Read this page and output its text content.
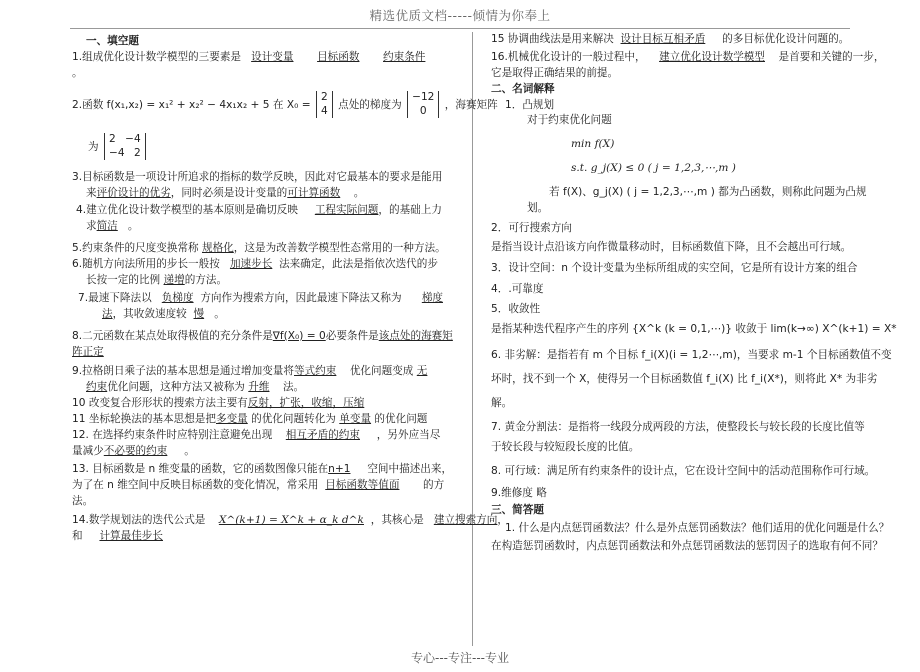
精选优质文档-----倾情为你奉上
一、填空题
1.组成优化设计数学模型的三要素是 设计变量 目标函数 约束条件
。
2.函数 f(x₁,x₂) = x₁² + x₂² − 4x₁x₂ + 5 在 X₀ =
2
4 点处的梯度为
−12
0	，海赛矩阵
为
2 −4
−4 2
3.目标函数是一项设计所追求的指标的数学反映，因此对它最基本的要求是能用
来评价设计的优劣，同时必须是设计变量的可计算函数 。
4.建立优化设计数学模型的基本原则是确切反映 工程实际问题，的基础上力
求简洁 。
5.约束条件的尺度变换常称 规格化，这是为改善数学模型性态常用的一种方法。
6.随机方向法所用的步长一般按 加速步长 法来确定，此法是指依次迭代的步
长按一定的比例 递增的方法。
7.最速下降法以 负梯度 方向作为搜索方向，因此最速下降法又称为 梯度
法，其收敛速度较 慢 。
8.二元函数在某点处取得极值的充分条件是∇f(X₀) = 0必要条件是该点处的海赛矩
阵正定
9.拉格朗日乘子法的基本思想是通过增加变量将等式约束 优化问题变成 无
约束优化问题，这种方法又被称为 升维 法。
10 改变复合形形状的搜索方法主要有反射，扩张，收缩，压缩
11 坐标轮换法的基本思想是把多变量 的优化问题转化为 单变量 的优化问题
12. 在选择约束条件时应特别注意避免出现 相互矛盾的约束 ，另外应当尽
量减少不必要的约束 。
13. 目标函数是 n 维变量的函数，它的函数图像只能在n+1 空间中描述出来，
为了在 n 维空间中反映目标函数的变化情况，常采用 目标函数等值面 的方
法。
14.数学规划法的迭代公式是 X^(k+1) = X^k + α_k d^k ，其核心是 建立搜索方向，
和 计算最佳步长
15 协调曲线法是用来解决 设计目标互相矛盾 的多目标优化设计问题的。
16.机械优化设计的一般过程中， 建立优化设计数学模型 是首要和关键的一步，
它是取得正确结果的前提。
二、名词解释
1．凸规划
对于约束优化问题
min f(X)
s.t. g_j(X) ≤ 0 ( j = 1,2,3,⋯,m )
若 f(X)、g_j(X) ( j = 1,2,3,⋯,m ) 都为凸函数，则称此问题为凸规
划。
2．可行搜索方向
是指当设计点沿该方向作微量移动时，目标函数值下降，且不会越出可行域。
3．设计空间：n 个设计变量为坐标所组成的实空间，它是所有设计方案的组合
4．.可靠度
5．收敛性
是指某种迭代程序产生的序列 {X^k (k = 0,1,⋯)} 收敛于 lim(k→∞) X^(k+1) = X*
6. 非劣解：是指若有 m 个目标 f_i(X)(i = 1,2⋯,m)，当要求 m-1 个目标函数值不变
坏时，找不到一个 X，使得另一个目标函数值 f_i(X) 比 f_i(X*)，则将此 X* 为非劣
解。
7. 黄金分割法：是指将一线段分成两段的方法，使整段长与较长段的长度比值等
于较长段与较短段长度的比值。
8. 可行域：满足所有约束条件的设计点，它在设计空间中的活动范围称作可行域。
9.维修度 略
三、简答题
1. 什么是内点惩罚函数法？什么是外点惩罚函数法？他们适用的优化问题是什么？
在构造惩罚函数时，内点惩罚函数法和外点惩罚函数法的惩罚因子的选取有何不同？
专心---专注---专业
